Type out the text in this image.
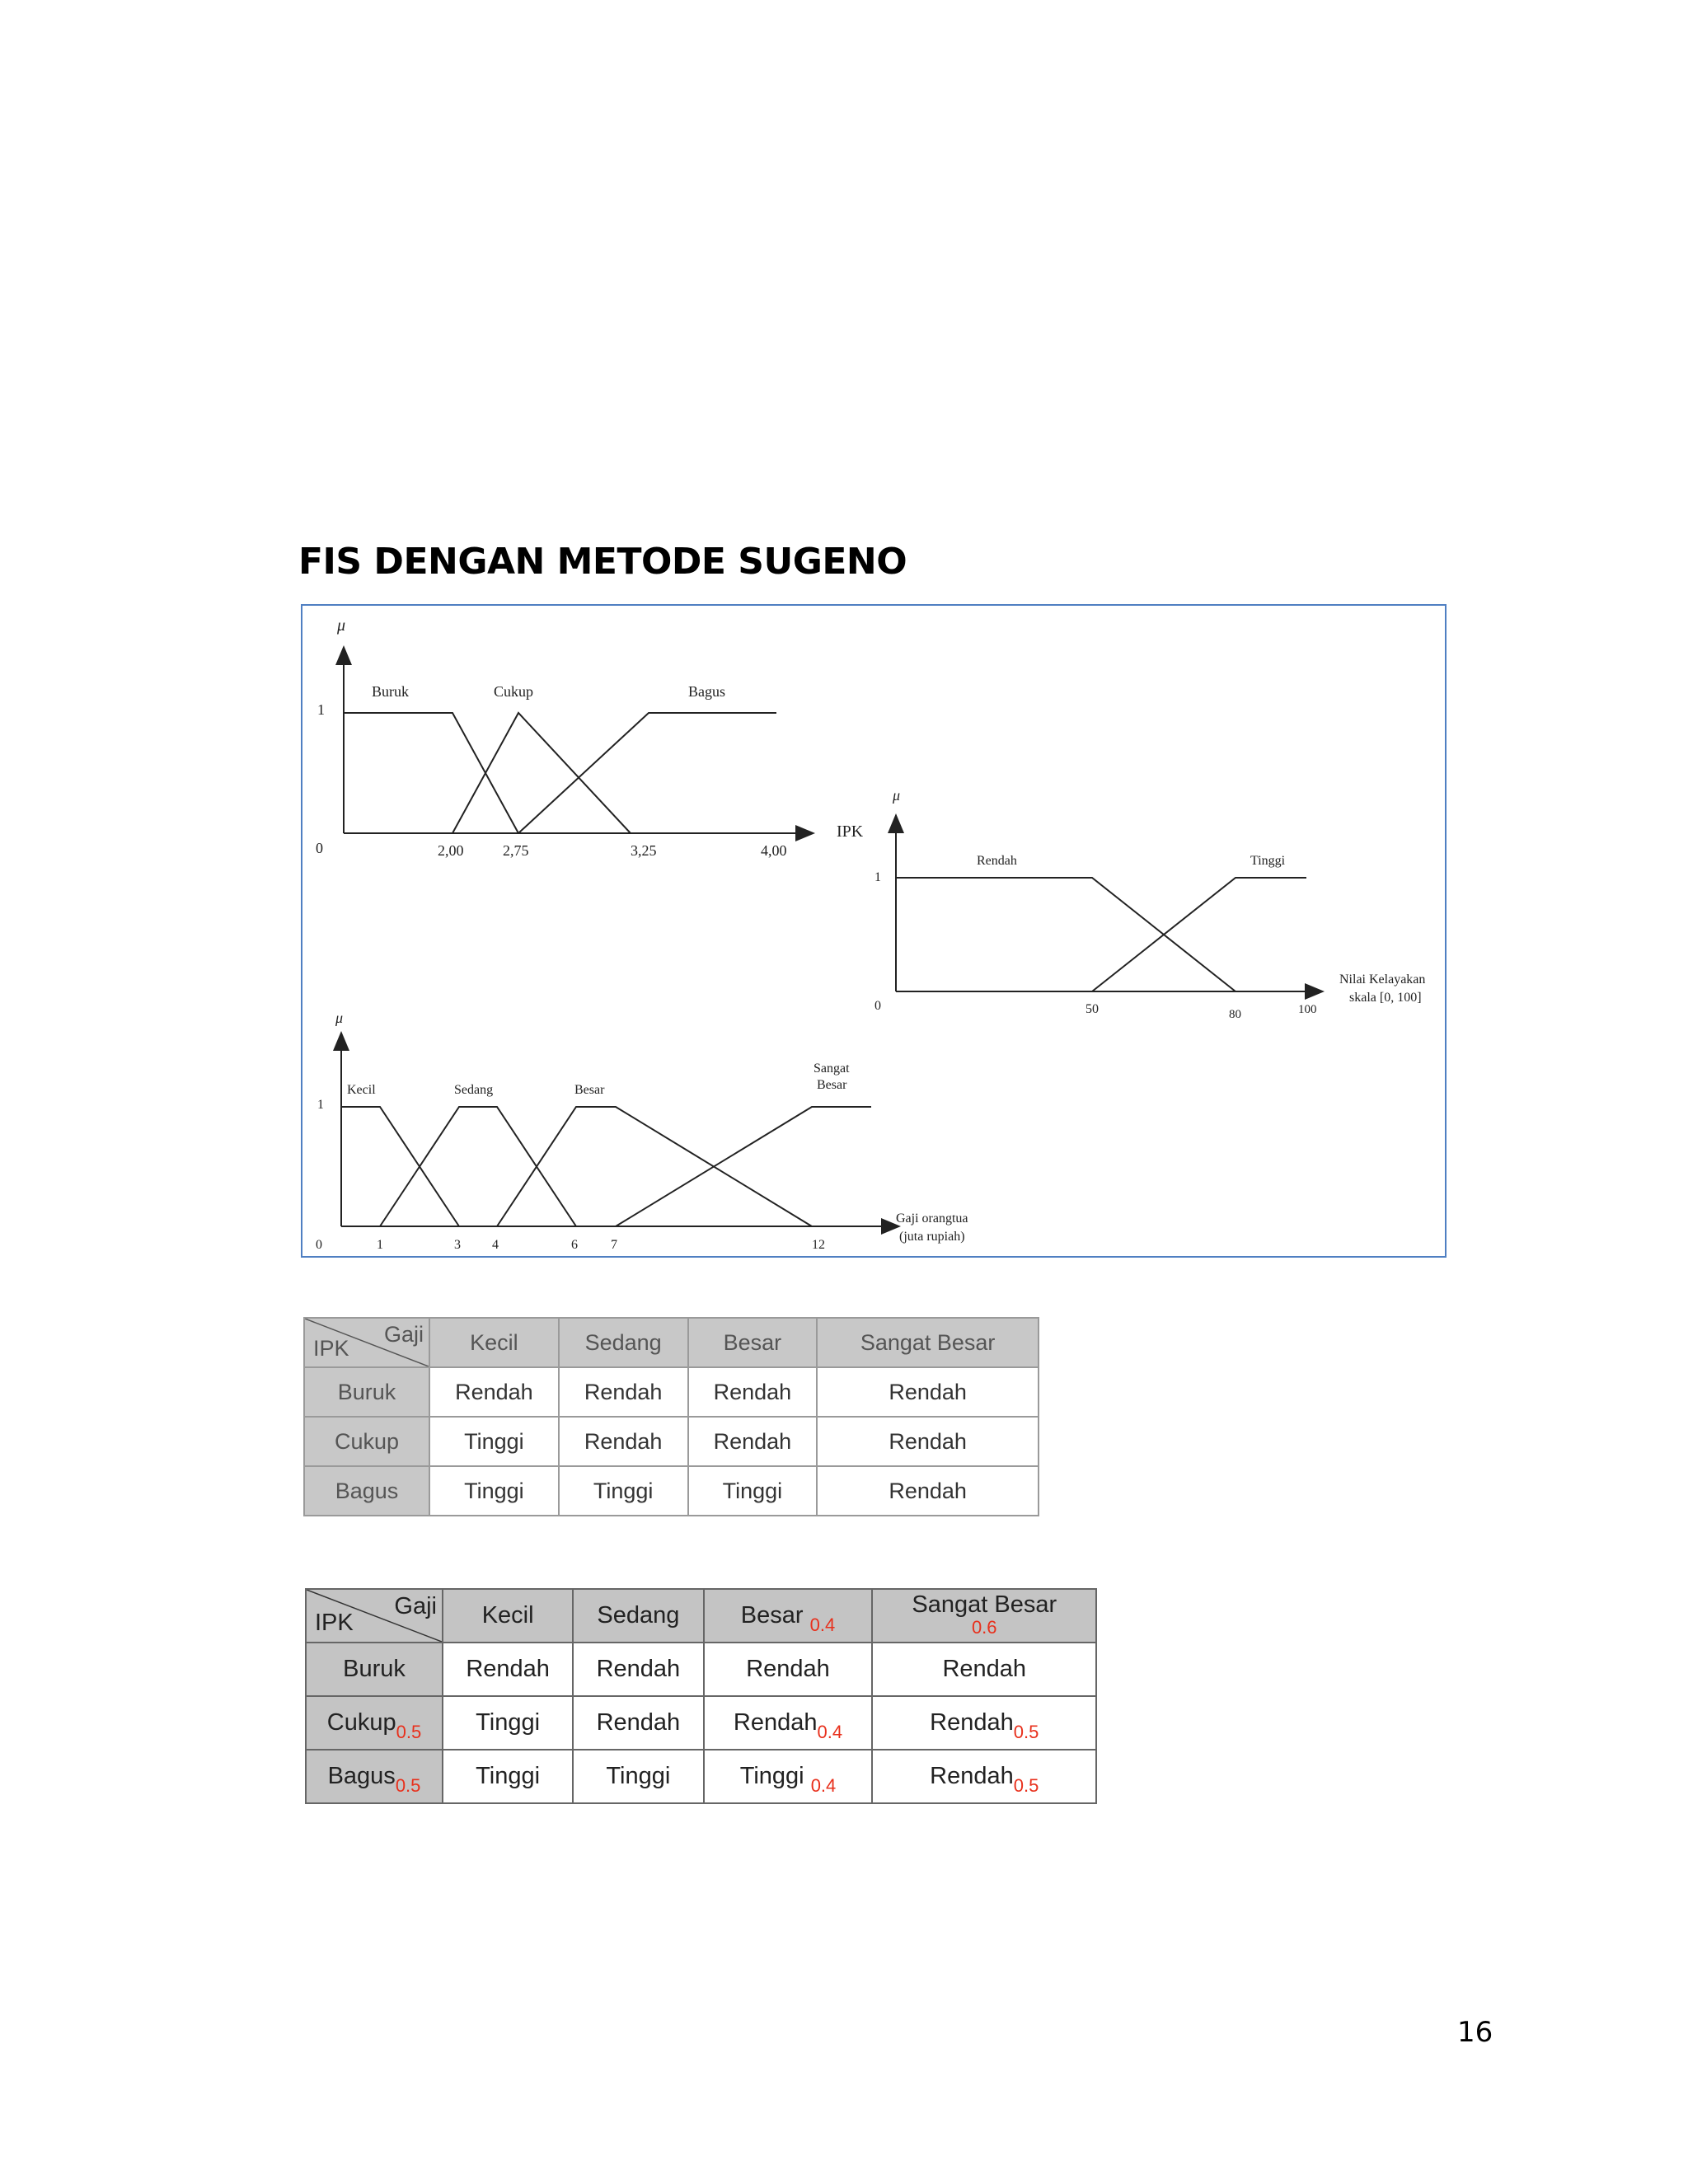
FIS DENGAN METODE SUGENO
μ
1
0
IPK
Buruk	Cukup	Bagus
2,00	2,75	3,25	4,00
μ
1
0
Rendah	Tinggi
50	80	100
Nilai Kelayakan
skala [0, 100]
μ
1
0
Kecil	Sedang	Besar
Sangat
Besar
1	3 4	6	7	12
Gaji orangtua
(juta rupiah)
IPK
Gaji	Kecil	Sedang	Besar	Sangat Besar
Buruk	Rendah	Rendah	Rendah	Rendah
Cukup	Tinggi	Rendah	Rendah	Rendah
Bagus	Tinggi	Tinggi	Tinggi	Rendah
IPK
Gaji	Kecil	Sedang	Besar $_{0.4}$	Sangat Besar
0.6
Buruk	Rendah	Rendah	Rendah	Rendah
Cukup$_{0.5}$	Tinggi	Rendah	Rendah$_{0.4}$	Rendah$_{0.5}$
Bagus$_{0.5}$	Tinggi	Tinggi	Tinggi $_{0.4}$	Rendah$_{0.5}$
16
